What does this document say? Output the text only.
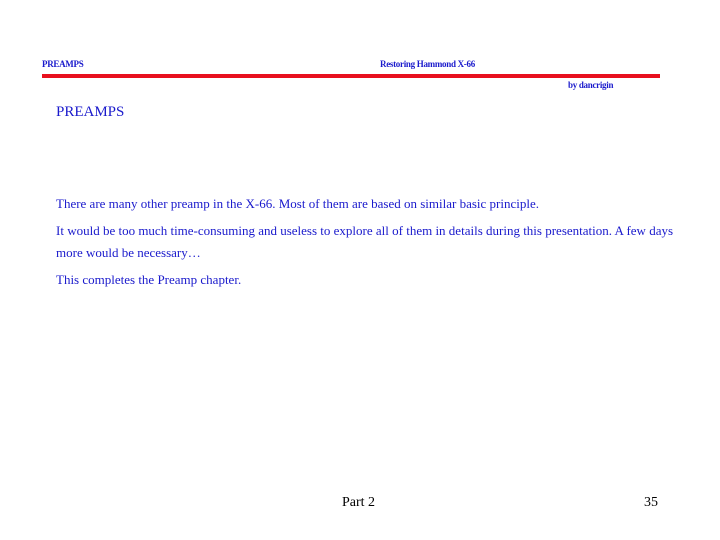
PREAMPS	Restoring Hammond X-66
by dancrigin
PREAMPS

There are many other preamp in the X-66. Most of them are based on similar basic principle.

It would be too much time-consuming and useless to explore all of them in details during this presentation. A few days more would be necessary…

This completes the Preamp chapter.

Part 2	35
